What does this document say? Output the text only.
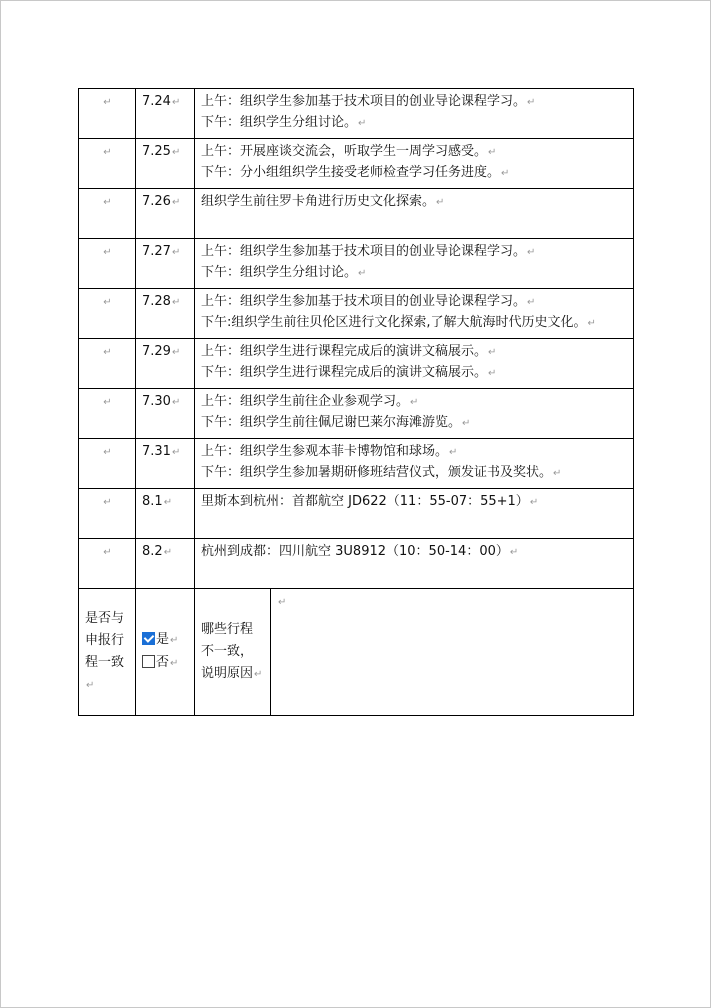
↵	7.24↵	上午：组织学生参加基于技术项目的创业导论课程学习。↵
下午：组织学生分组讨论。↵	

↵	7.25↵	上午：开展座谈交流会，听取学生一周学习感受。↵
下午：分小组组织学生接受老师检查学习任务进度。↵	

↵	7.26↵	组织学生前往罗卡角进行历史文化探索。↵	

↵	7.27↵	上午：组织学生参加基于技术项目的创业导论课程学习。↵
下午：组织学生分组讨论。↵	

↵	7.28↵	上午：组织学生参加基于技术项目的创业导论课程学习。↵
下午:组织学生前往贝伦区进行文化探索,了解大航海时代历史文化。↵	

↵	7.29↵	上午：组织学生进行课程完成后的演讲文稿展示。↵
下午：组织学生进行课程完成后的演讲文稿展示。↵	

↵	7.30↵	上午：组织学生前往企业参观学习。↵
下午：组织学生前往佩尼谢巴莱尔海滩游览。↵	

↵	7.31↵	上午：组织学生参观本菲卡博物馆和球场。↵
下午：组织学生参加暑期研修班结营仪式，颁发证书及奖状。↵	

↵	8.1↵	里斯本到杭州：首都航空 JD622（11：55-07：55+1）↵	

↵	8.2↵	杭州到成都：四川航空 3U8912（10：50-14：00）↵	

是否与申报行程一致↵	是↵
否↵	哪些行程不一致，说明原因↵	↵
